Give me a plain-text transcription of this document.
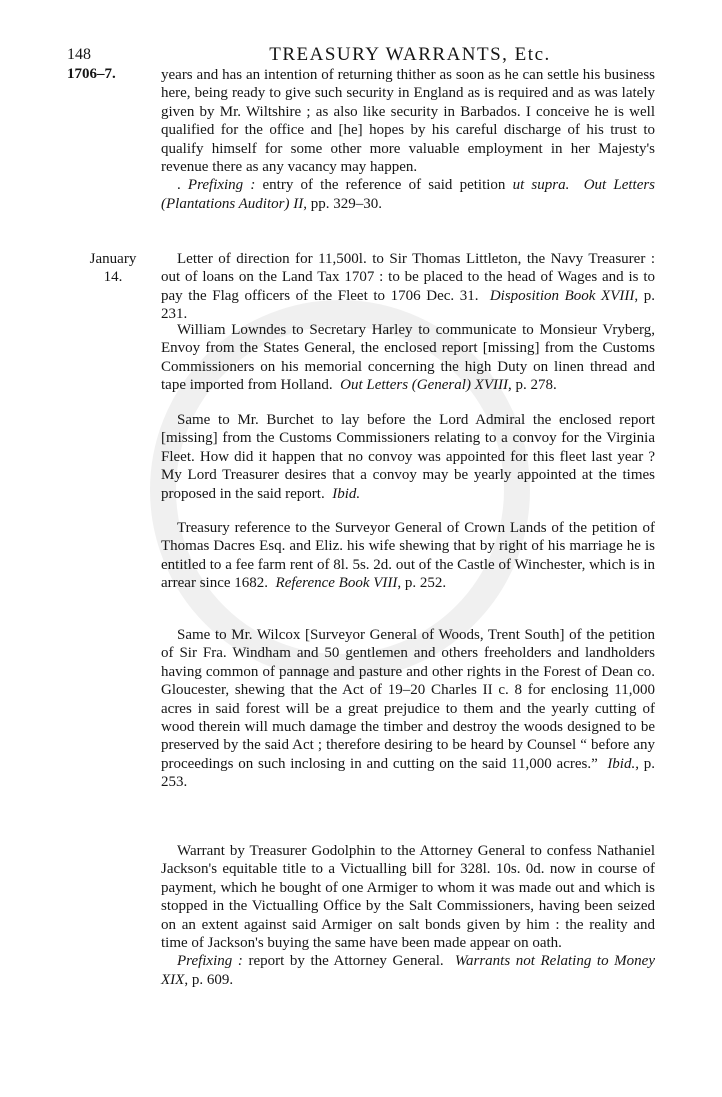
148	TREASURY WARRANTS, Etc.
1706–7.	years and has an intention of returning thither as soon as he can settle his business here, being ready to give such security in England as is required and as was lately given by Mr. Wiltshire ; as also like security in Barbados. I conceive he is well qualified for the office and [he] hopes by his careful discharge of his trust to qualify himself for some other more valuable employment in her Majesty's revenue there as any vacancy may happen.

. Prefixing : entry of the reference of said petition ut supra. Out Letters (Plantations Auditor) II, pp. 329–30.

January
14.

Letter of direction for 11,500l. to Sir Thomas Littleton, the Navy Treasurer : out of loans on the Land Tax 1707 : to be placed to the head of Wages and is to pay the Flag officers of the Fleet to 1706 Dec. 31. Disposition Book XVIII, p. 231.

William Lowndes to Secretary Harley to communicate to Monsieur Vryberg, Envoy from the States General, the enclosed report [missing] from the Customs Commissioners on his memorial concerning the high Duty on linen thread and tape imported from Holland. Out Letters (General) XVIII, p. 278.

Same to Mr. Burchet to lay before the Lord Admiral the enclosed report [missing] from the Customs Commissioners relating to a convoy for the Virginia Fleet. How did it happen that no convoy was appointed for this fleet last year ? My Lord Treasurer desires that a convoy may be yearly appointed at the times proposed in the said report. Ibid.

Treasury reference to the Surveyor General of Crown Lands of the petition of Thomas Dacres Esq. and Eliz. his wife shewing that by right of his marriage he is entitled to a fee farm rent of 8l. 5s. 2d. out of the Castle of Winchester, which is in arrear since 1682. Reference Book VIII, p. 252.

Same to Mr. Wilcox [Surveyor General of Woods, Trent South] of the petition of Sir Fra. Windham and 50 gentlemen and others freeholders and landholders having common of pannage and pasture and other rights in the Forest of Dean co. Gloucester, shewing that the Act of 19–20 Charles II c. 8 for enclosing 11,000 acres in said forest will be a great prejudice to them and the yearly cutting of wood therein will much damage the timber and destroy the woods designed to be preserved by the said Act ; therefore desiring to be heard by Counsel “ before any proceedings on such inclosing in and cutting on the said 11,000 acres.” Ibid., p. 253.

Warrant by Treasurer Godolphin to the Attorney General to confess Nathaniel Jackson's equitable title to a Victualling bill for 328l. 10s. 0d. now in course of payment, which he bought of one Armiger to whom it was made out and which is stopped in the Victualling Office by the Salt Commissioners, having been seized on an extent against said Armiger on salt bonds given by him : the reality and time of Jackson's buying the same have been made appear on oath.

Prefixing : report by the Attorney General. Warrants not Relating to Money XIX, p. 609.
